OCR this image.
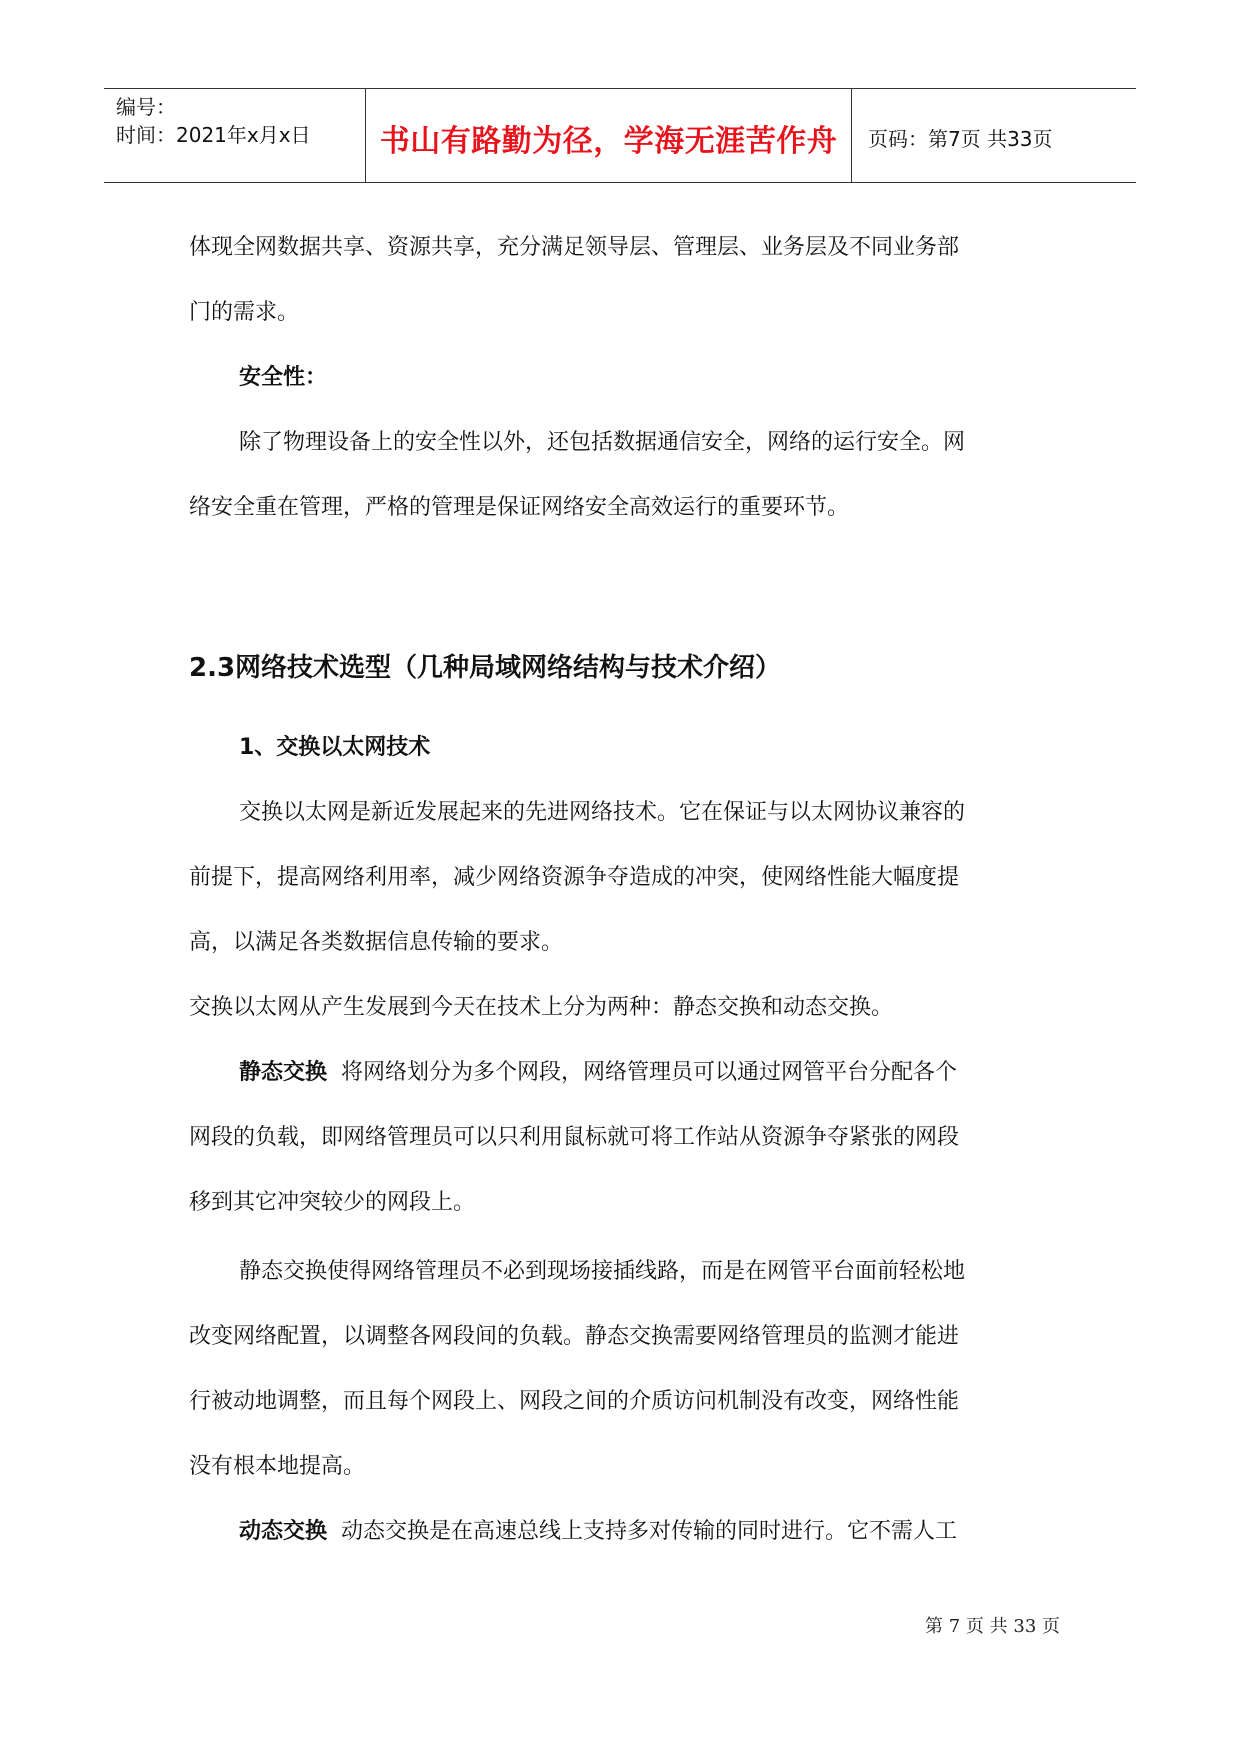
编号：
时间：2021年x月x日	书山有路勤为径，学海无涯苦作舟	页码：第7页 共33页

体现全网数据共享、资源共享，充分满足领导层、管理层、业务层及不同业务部

门的需求。

安全性：

除了物理设备上的安全性以外，还包括数据通信安全，网络的运行安全。网

络安全重在管理，严格的管理是保证网络安全高效运行的重要环节。

2.3网络技术选型（几种局域网络结构与技术介绍）

1、交换以太网技术

交换以太网是新近发展起来的先进网络技术。它在保证与以太网协议兼容的

前提下，提高网络利用率，减少网络资源争夺造成的冲突，使网络性能大幅度提

高，以满足各类数据信息传输的要求。

交换以太网从产生发展到今天在技术上分为两种：静态交换和动态交换。

静态交换 将网络划分为多个网段，网络管理员可以通过网管平台分配各个

网段的负载，即网络管理员可以只利用鼠标就可将工作站从资源争夺紧张的网段

移到其它冲突较少的网段上。

静态交换使得网络管理员不必到现场接插线路，而是在网管平台面前轻松地

改变网络配置，以调整各网段间的负载。静态交换需要网络管理员的监测才能进

行被动地调整，而且每个网段上、网段之间的介质访问机制没有改变，网络性能

没有根本地提高。

动态交换 动态交换是在高速总线上支持多对传输的同时进行。它不需人工

第 7 页 共 33 页
